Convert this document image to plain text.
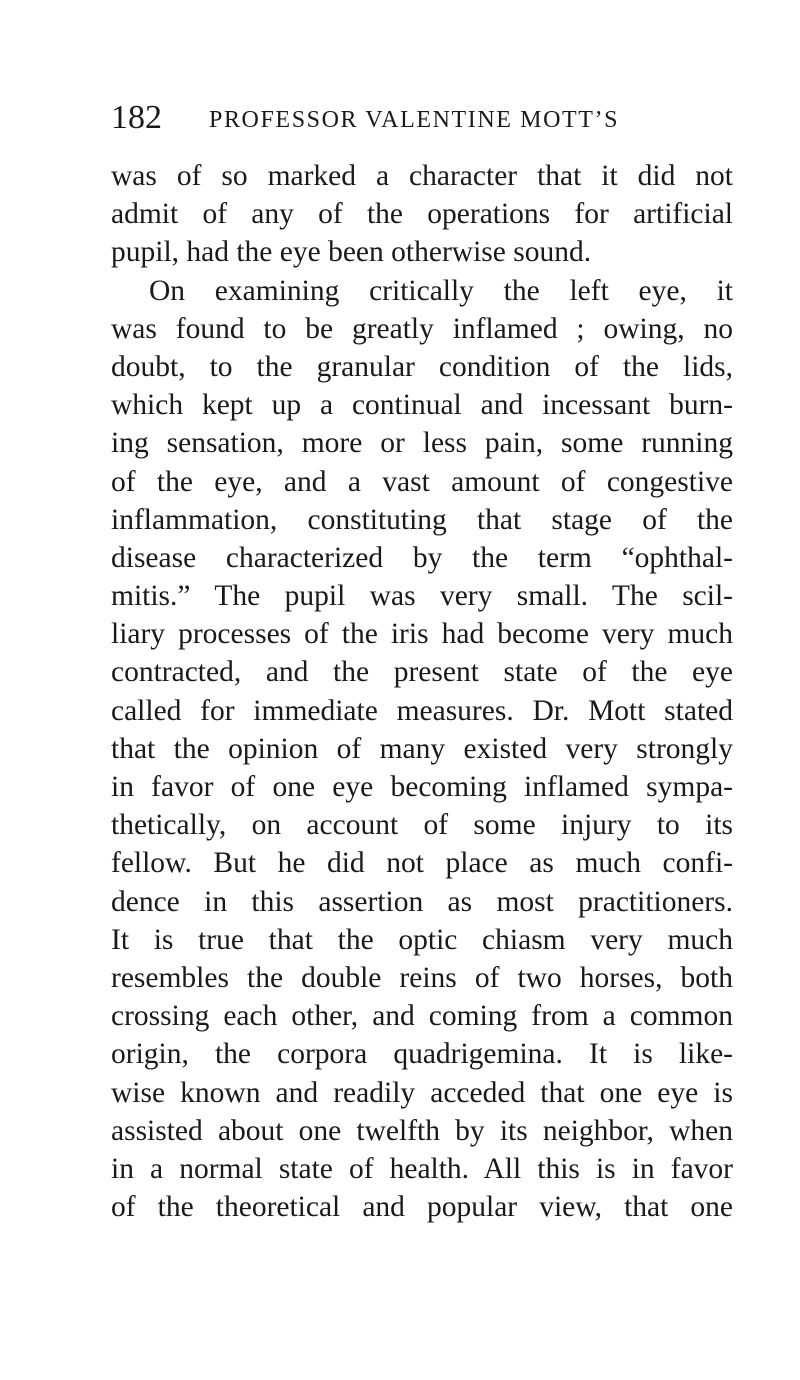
182 PROFESSOR VALENTINE MOTT’S
was of so marked a character that it did not
admit of any of the operations for artificial
pupil, had the eye been otherwise sound.
On examining critically the left eye, it
was found to be greatly inflamed ; owing, no
doubt, to the granular condition of the lids,
which kept up a continual and incessant burn-
ing sensation, more or less pain, some running
of the eye, and a vast amount of congestive
inflammation, constituting that stage of the
disease characterized by the term “ophthal-
mitis.” The pupil was very small. The scil-
liary processes of the iris had become very much
contracted, and the present state of the eye
called for immediate measures. Dr. Mott stated
that the opinion of many existed very strongly
in favor of one eye becoming inflamed sympa-
thetically, on account of some injury to its
fellow. But he did not place as much confi-
dence in this assertion as most practitioners.
It is true that the optic chiasm very much
resembles the double reins of two horses, both
crossing each other, and coming from a common
origin, the corpora quadrigemina. It is like-
wise known and readily acceded that one eye is
assisted about one twelfth by its neighbor, when
in a normal state of health. All this is in favor
of the theoretical and popular view, that one
